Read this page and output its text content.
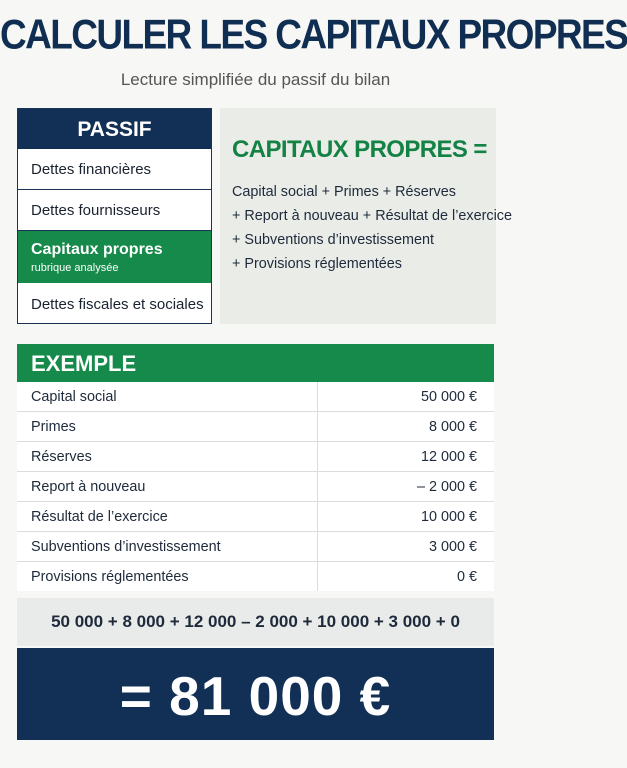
CALCULER LES CAPITAUX PROPRES
Lecture simplifiée du passif du bilan
PASSIF
Dettes financières
Dettes fournisseurs
Capitaux propres
rubrique analysée
Dettes fiscales et sociales
CAPITAUX PROPRES =
Capital social + Primes + Réserves
+ Report à nouveau + Résultat de l’exercice
+ Subventions d’investissement
+ Provisions réglementées
EXEMPLE
Capital social	50 000 €
Primes	8 000 €
Réserves	12 000 €
Report à nouveau	– 2 000 €
Résultat de l’exercice	10 000 €
Subventions d’investissement	3 000 €
Provisions réglementées	0 €
50 000 + 8 000 + 12 000 – 2 000 + 10 000 + 3 000 + 0
= 81 000 €
